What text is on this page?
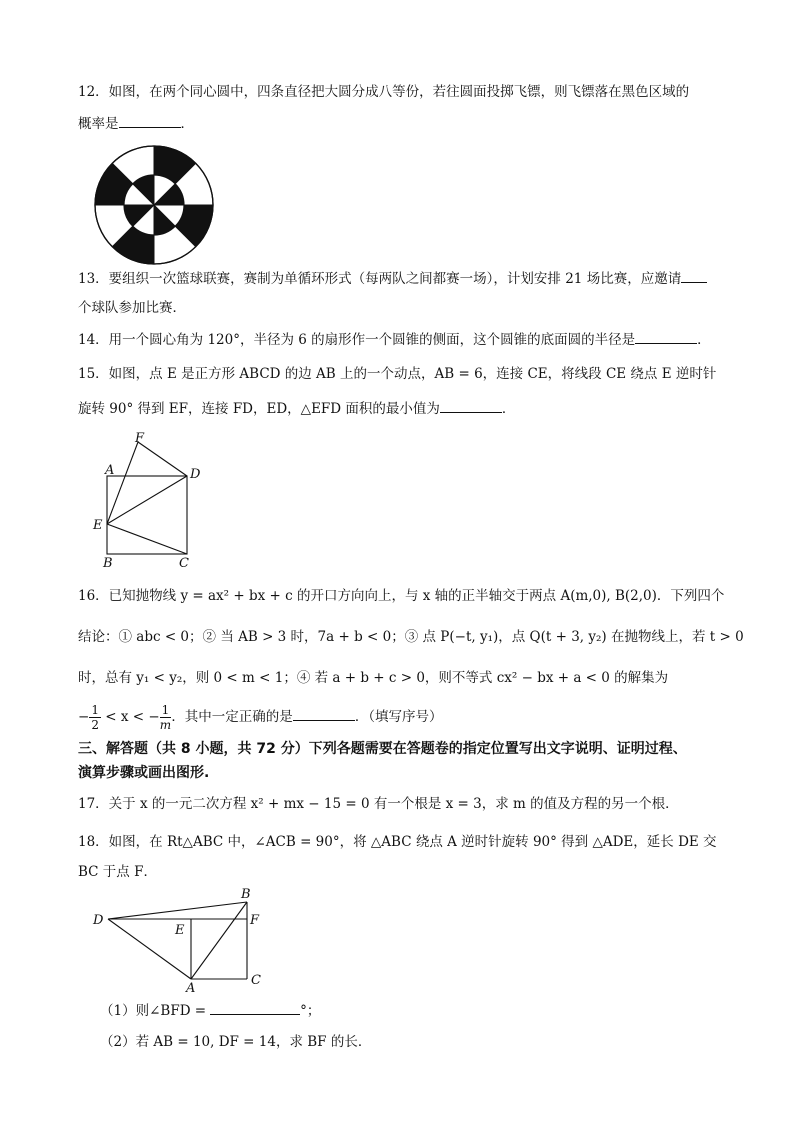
12．如图，在两个同心圆中，四条直径把大圆分成八等份，若往圆面投掷飞镖，则飞镖落在黑色区域的
概率是	．
13．要组织一次篮球联赛，赛制为单循环形式（每两队之间都赛一场），计划安排 21 场比赛，应邀请
个球队参加比赛．
14．用一个圆心角为 120°，半径为 6 的扇形作一个圆锥的侧面，这个圆锥的底面圆的半径是	．
15．如图，点 E 是正方形 ABCD 的边 AB 上的一个动点，AB = 6，连接 CE，将线段 CE 绕点 E 逆时针
旋转 90° 得到 EF，连接 FD，ED，△EFD 面积的最小值为	．
F
A	D
E
B	C
16．已知抛物线 y = ax² + bx + c 的开口方向向上，与 x 轴的正半轴交于两点 A(m,0), B(2,0)．下列四个
结论：① abc < 0；② 当 AB > 3 时，7a + b < 0；③ 点 P(−t, y₁)，点 Q(t + 3, y₂) 在抛物线上，若 t > 0
时，总有 y₁ < y₂，则 0 < m < 1；④ 若 a + b + c > 0，则不等式 cx² − bx + a < 0 的解集为
− $\frac{1}{2} < x$ < − $\frac{1}{m}$ ．其中一定正确的是	．（填写序号）
三、解答题（共 8 小题，共 72 分）下列各题需要在答题卷的指定位置写出文字说明、证明过程、
演算步骤或画出图形.
17．关于 x 的一元二次方程 x² + mx − 15 = 0 有一个根是 x = 3，求 m 的值及方程的另一个根．
18．如图，在 Rt△ABC 中，∠ACB = 90°，将 △ABC 绕点 A 逆时针旋转 90° 得到 △ADE，延长 DE 交
BC 于点 F．
B
D
E
F
A
C
（1）则∠BFD =	°；
（2）若 AB = 10, DF = 14，求 BF 的长．
